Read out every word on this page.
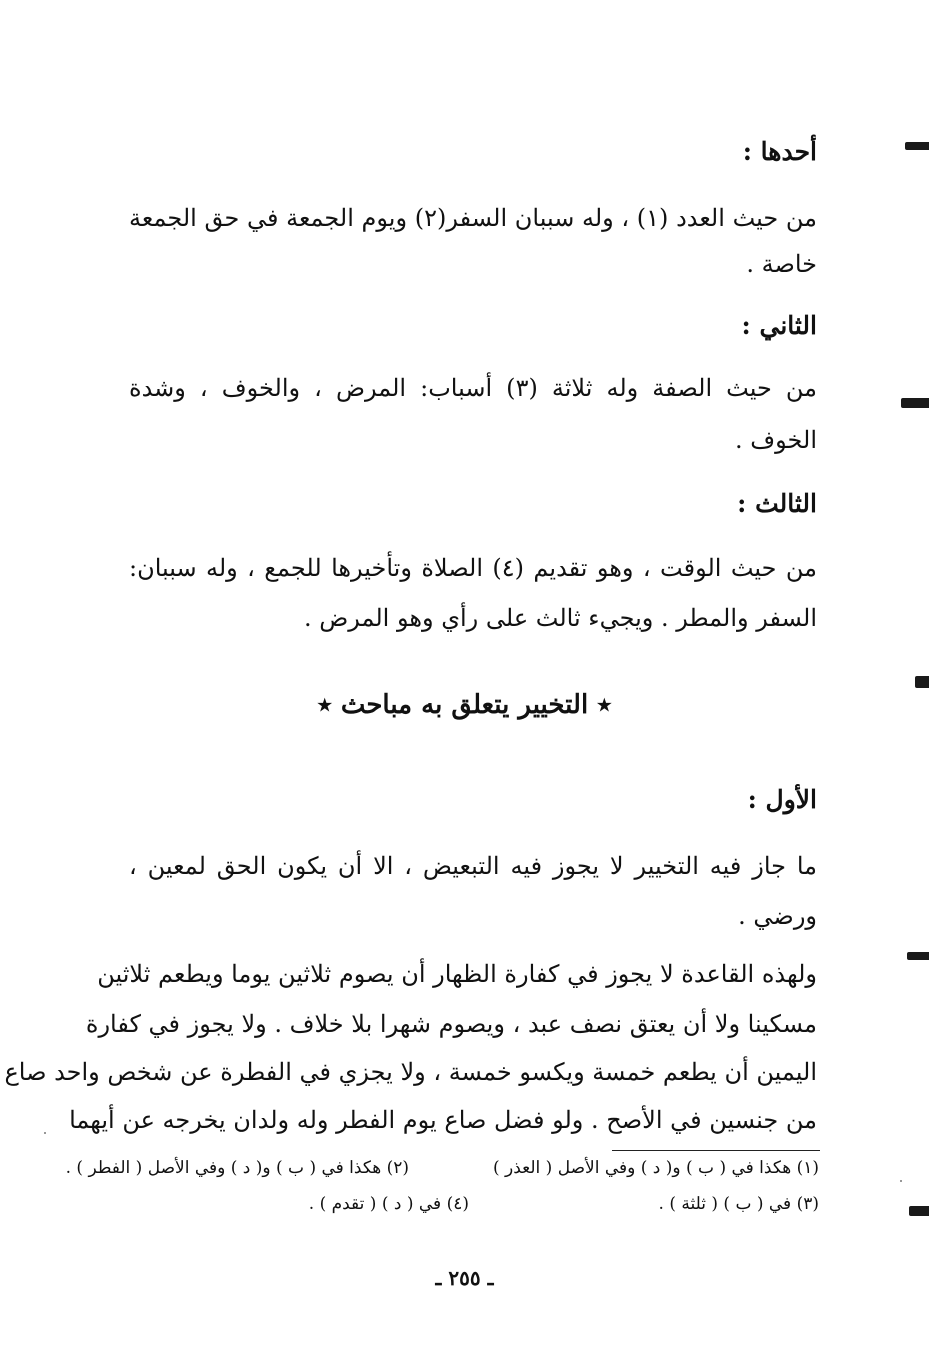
أحدها :
من حيث العدد (١) ، وله سببان السفر(٢) ويوم الجمعة في حق الجمعة
خاصة .
الثاني :
من حيث الصفة وله ثلاثة (٣) أسباب: المرض ، والخوف ، وشدة
الخوف .
الثالث :
من حيث الوقت ، وهو تقديم (٤) الصلاة وتأخيرها للجمع ، وله سببان:
السفر والمطر . ويجيء ثالث على رأي وهو المرض .
٭ التخيير يتعلق به مباحث ٭
الأول :
ما جاز فيه التخيير لا يجوز فيه التبعيض ، الا أن يكون الحق لمعين ،
ورضي .
ولهذه القاعدة لا يجوز في كفارة الظهار أن يصوم ثلاثين يوما ويطعم ثلاثين
مسكينا ولا أن يعتق نصف عبد ، ويصوم شهرا بلا خلاف . ولا يجوز في كفارة
اليمين أن يطعم خمسة ويكسو خمسة ، ولا يجزي في الفطرة عن شخص واحد صاع
من جنسين في الأصح . ولو فضل صاع يوم الفطر وله ولدان يخرجه عن أيهما
(١) هكذا في ( ب ) و( د ) وفي الأصل ( العذر )
(٢) هكذا في ( ب ) و( د ) وفي الأصل ( الفطر ) .
(٣) في ( ب ) ( ثلثة ) .
(٤) في ( د ) ( تقدم ) .
ـ ٢٥٥ ـ
